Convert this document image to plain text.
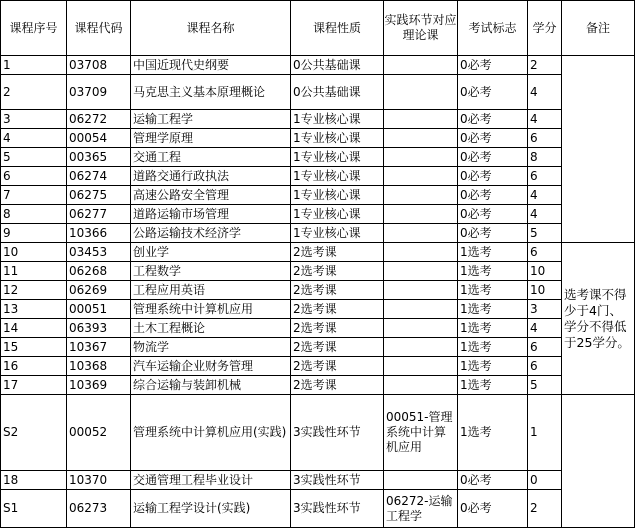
课程序号	课程代码	课程名称	课程性质	实践环节对应理论课	考试标志	学分	备注
1	03708	中国近现代史纲要	0公共基础课		0必考	2	
2	03709	马克思主义基本原理概论	0公共基础课		0必考	4	
3	06272	运输工程学	1专业核心课		0必考	4	
4	00054	管理学原理	1专业核心课		0必考	6	
5	00365	交通工程	1专业核心课		0必考	8	
6	06274	道路交通行政执法	1专业核心课		0必考	6	
7	06275	高速公路安全管理	1专业核心课		0必考	4	
8	06277	道路运输市场管理	1专业核心课		0必考	4	
9	10366	公路运输技术经济学	1专业核心课		0必考	5	
10	03453	创业学	2选考课		1选考	6	选考课不得少于4门、学分不得低于25学分。
11	06268	工程数学	2选考课		1选考	10	
12	06269	工程应用英语	2选考课		1选考	10	
13	00051	管理系统中计算机应用	2选考课		1选考	3	
14	06393	土木工程概论	2选考课		1选考	4	
15	10367	物流学	2选考课		1选考	6	
16	10368	汽车运输企业财务管理	2选考课		1选考	6	
17	10369	综合运输与装卸机械	2选考课		1选考	5	
S2	00052	管理系统中计算机应用(实践)	3实践性环节	00051-管理系统中计算机应用	1选考	1	
18	10370	交通管理工程毕业设计	3实践性环节		0必考	0	
S1	06273	运输工程学设计(实践)	3实践性环节	06272-运输工程学	0必考	2	
